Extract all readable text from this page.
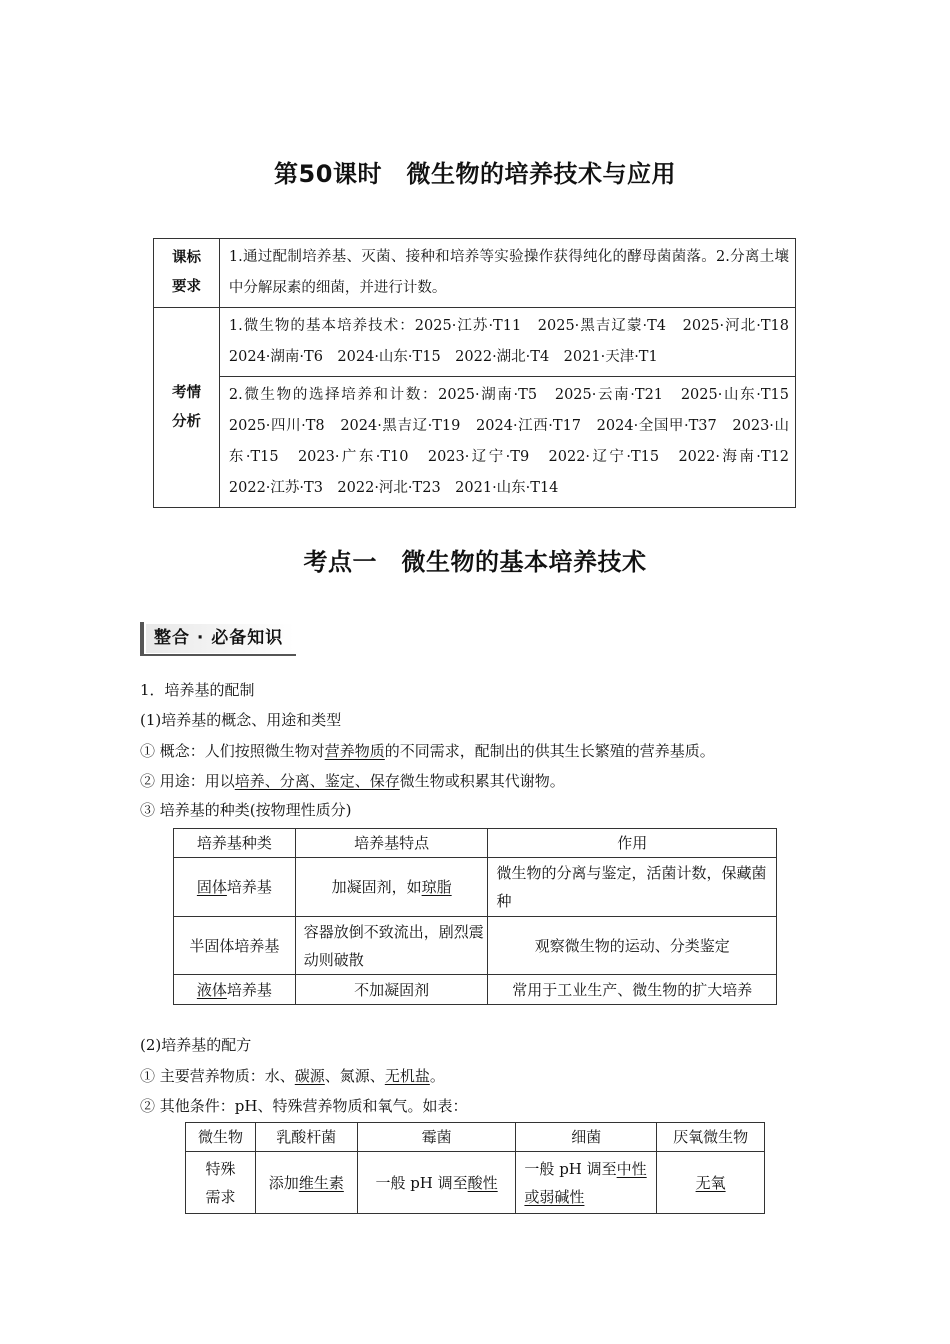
第50课时　微生物的培养技术与应用
课标
要求	1.通过配制培养基、灭菌、接种和培养等实验操作获得纯化的酵母菌菌落。2.分离土壤中分解尿素的细菌，并进行计数。

考情
分析	1.微生物的基本培养技术：2025·江苏·T11　2025·黑吉辽蒙·T4　2025·河北·T18　2024·湖南·T6　2024·山东·T15　2022·湖北·T4　2021·天津·T1
	2.微生物的选择培养和计数：2025·湖南·T5　2025·云南·T21　2025·山东·T15　2025·四川·T8　2024·黑吉辽·T19　2024·江西·T17　2024·全国甲·T37　2023·山东·T15　2023·广东·T10　2023·辽宁·T9　2022·辽宁·T15　2022·海南·T12　2022·江苏·T3　2022·河北·T23　2021·山东·T14
考点一　微生物的基本培养技术
整合 · 必备知识
1．培养基的配制
(1)培养基的概念、用途和类型
① 概念：人们按照微生物对营养物质的不同需求，配制出的供其生长繁殖的营养基质。
② 用途：用以培养、分离、鉴定、保存微生物或积累其代谢物。
③ 培养基的种类(按物理性质分)
培养基种类	培养基特点	作用
固体培养基	加凝固剂，如琼脂	微生物的分离与鉴定，活菌计数，保藏菌种
半固体培养基	容器放倒不致流出，剧烈震动则破散	观察微生物的运动、分类鉴定
液体培养基	不加凝固剂	常用于工业生产、微生物的扩大培养
(2)培养基的配方
① 主要营养物质：水、碳源、氮源、无机盐。
② 其他条件：pH、特殊营养物质和氧气。如表：
微生物	乳酸杆菌	霉菌	细菌	厌氧微生物

特殊需求	添加维生素	一般 pH 调至酸性	一般 pH 调至中性或弱碱性	无氧
